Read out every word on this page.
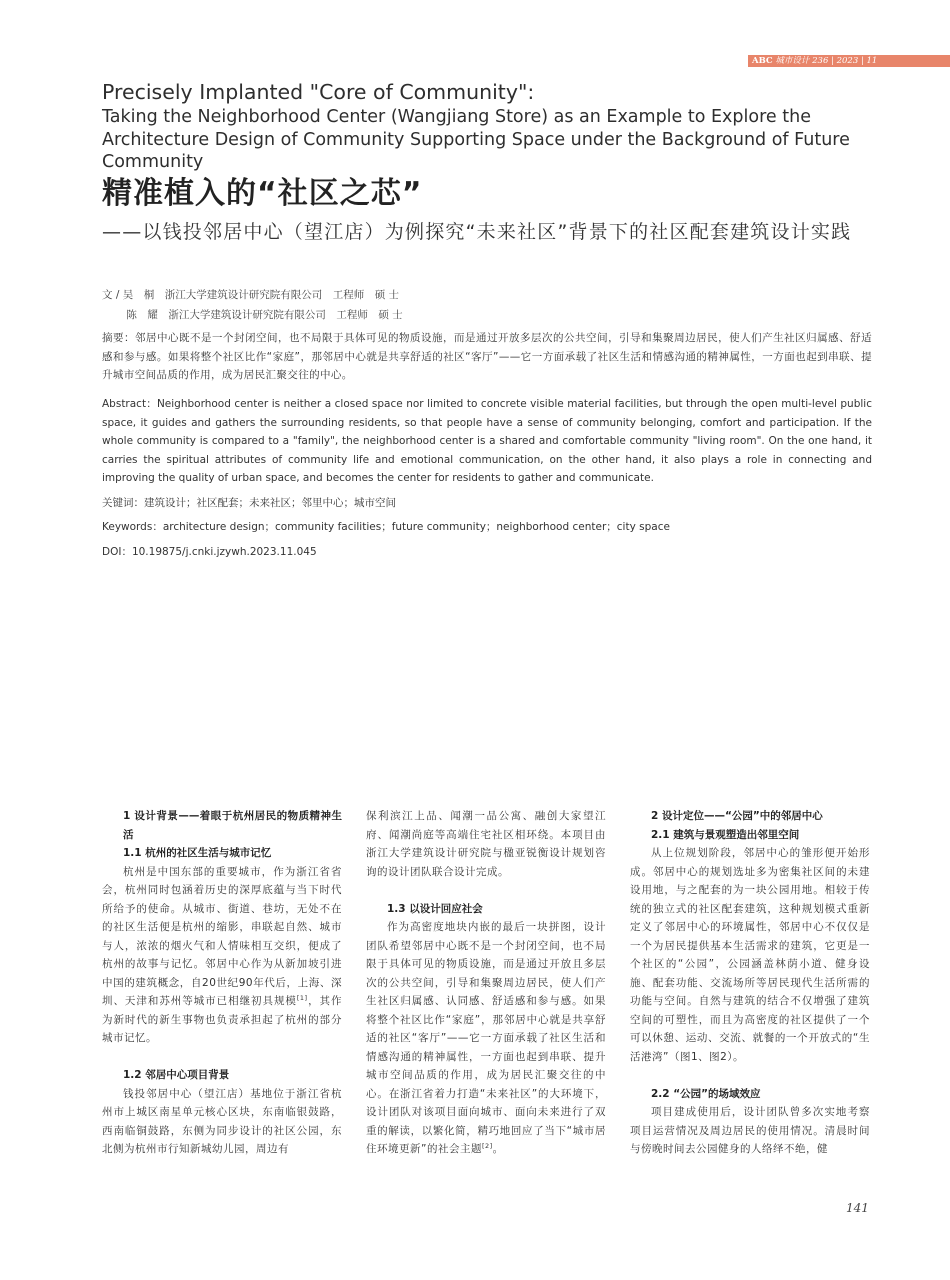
ABC 城市设计 236 | 2023 | 11
Precisely Implanted "Core of Community":
Taking the Neighborhood Center (Wangjiang Store) as an Example to Explore the Architecture Design of Community Supporting Space under the Background of Future Community
精准植入的“社区之芯”
——以钱投邻居中心（望江店）为例探究“未来社区”背景下的社区配套建筑设计实践
文 / 吴　桐　浙江大学建筑设计研究院有限公司　工程师　硕 士
　　 陈　耀　浙江大学建筑设计研究院有限公司　工程师　硕 士
摘要：邻居中心既不是一个封闭空间，也不局限于具体可见的物质设施，而是通过开放多层次的公共空间，引导和集聚周边居民，使人们产生社区归属感、舒适感和参与感。如果将整个社区比作“家庭”，那邻居中心就是共享舒适的社区“客厅”——它一方面承载了社区生活和情感沟通的精神属性，一方面也起到串联、提升城市空间品质的作用，成为居民汇聚交往的中心。
Abstract：Neighborhood center is neither a closed space nor limited to concrete visible material facilities, but through the open multi-level public space, it guides and gathers the surrounding residents, so that people have a sense of community belonging, comfort and participation. If the whole community is compared to a "family", the neighborhood center is a shared and comfortable community "living room". On the one hand, it carries the spiritual attributes of community life and emotional communication, on the other hand, it also plays a role in connecting and improving the quality of urban space, and becomes the center for residents to gather and communicate.
关键词：建筑设计；社区配套；未来社区；邻里中心；城市空间
Keywords：architecture design；community facilities；future community；neighborhood center；city space
DOI：10.19875/j.cnki.jzywh.2023.11.045
1 设计背景——着眼于杭州居民的物质精神生活
1.1 杭州的社区生活与城市记忆

杭州是中国东部的重要城市，作为浙江省省会，杭州同时包涵着历史的深厚底蕴与当下时代所给予的使命。从城市、街道、巷坊，无处不在的社区生活便是杭州的缩影，串联起自然、城市与人，浓浓的烟火气和人情味相互交织，便成了杭州的故事与记忆。邻居中心作为从新加坡引进中国的建筑概念，自20世纪90年代后，上海、深圳、天津和苏州等城市已相继初具规模[1]，其作为新时代的新生事物也负责承担起了杭州的部分城市记忆。

1.2 邻居中心项目背景

钱投邻居中心（望江店）基地位于浙江省杭州市上城区南星单元核心区块，东南临银鼓路，西南临铜鼓路，东侧为同步设计的社区公园，东北侧为杭州市行知新城幼儿园，周边有

保利滨江上品、闻潮一品公寓、融创大家望江府、闻潮尚庭等高端住宅社区相环绕。本项目由浙江大学建筑设计研究院与楹亚锐衡设计规划咨询的设计团队联合设计完成。

1.3 以设计回应社会

作为高密度地块内嵌的最后一块拼图，设计团队希望邻居中心既不是一个封闭空间，也不局限于具体可见的物质设施，而是通过开放且多层次的公共空间，引导和集聚周边居民，使人们产生社区归属感、认同感、舒适感和参与感。如果将整个社区比作“家庭”，那邻居中心就是共享舒适的社区“客厅”——它一方面承载了社区生活和情感沟通的精神属性，一方面也起到串联、提升城市空间品质的作用，成为居民汇聚交往的中心。在浙江省着力打造“未来社区”的大环境下，设计团队对该项目面向城市、面向未来进行了双重的解读，以繁化简，精巧地回应了当下“城市居住环境更新”的社会主题[2]。

2 设计定位——“公园”中的邻居中心
2.1 建筑与景观塑造出邻里空间

从上位规划阶段，邻居中心的雏形便开始形成。邻居中心的规划选址多为密集社区间的未建设用地，与之配套的为一块公园用地。相较于传统的独立式的社区配套建筑，这种规划模式重新定义了邻居中心的环境属性，邻居中心不仅仅是一个为居民提供基本生活需求的建筑，它更是一个社区的“公园”，公园涵盖林荫小道、健身设施、配套功能、交流场所等居民现代生活所需的功能与空间。自然与建筑的结合不仅增强了建筑空间的可塑性，而且为高密度的社区提供了一个可以休憩、运动、交流、就餐的一个开放式的“生活港湾”（图1、图2）。

2.2 “公园”的场域效应

项目建成使用后，设计团队曾多次实地考察项目运营情况及周边居民的使用情况。清晨时间与傍晚时间去公园健身的人络绎不绝，健

141
